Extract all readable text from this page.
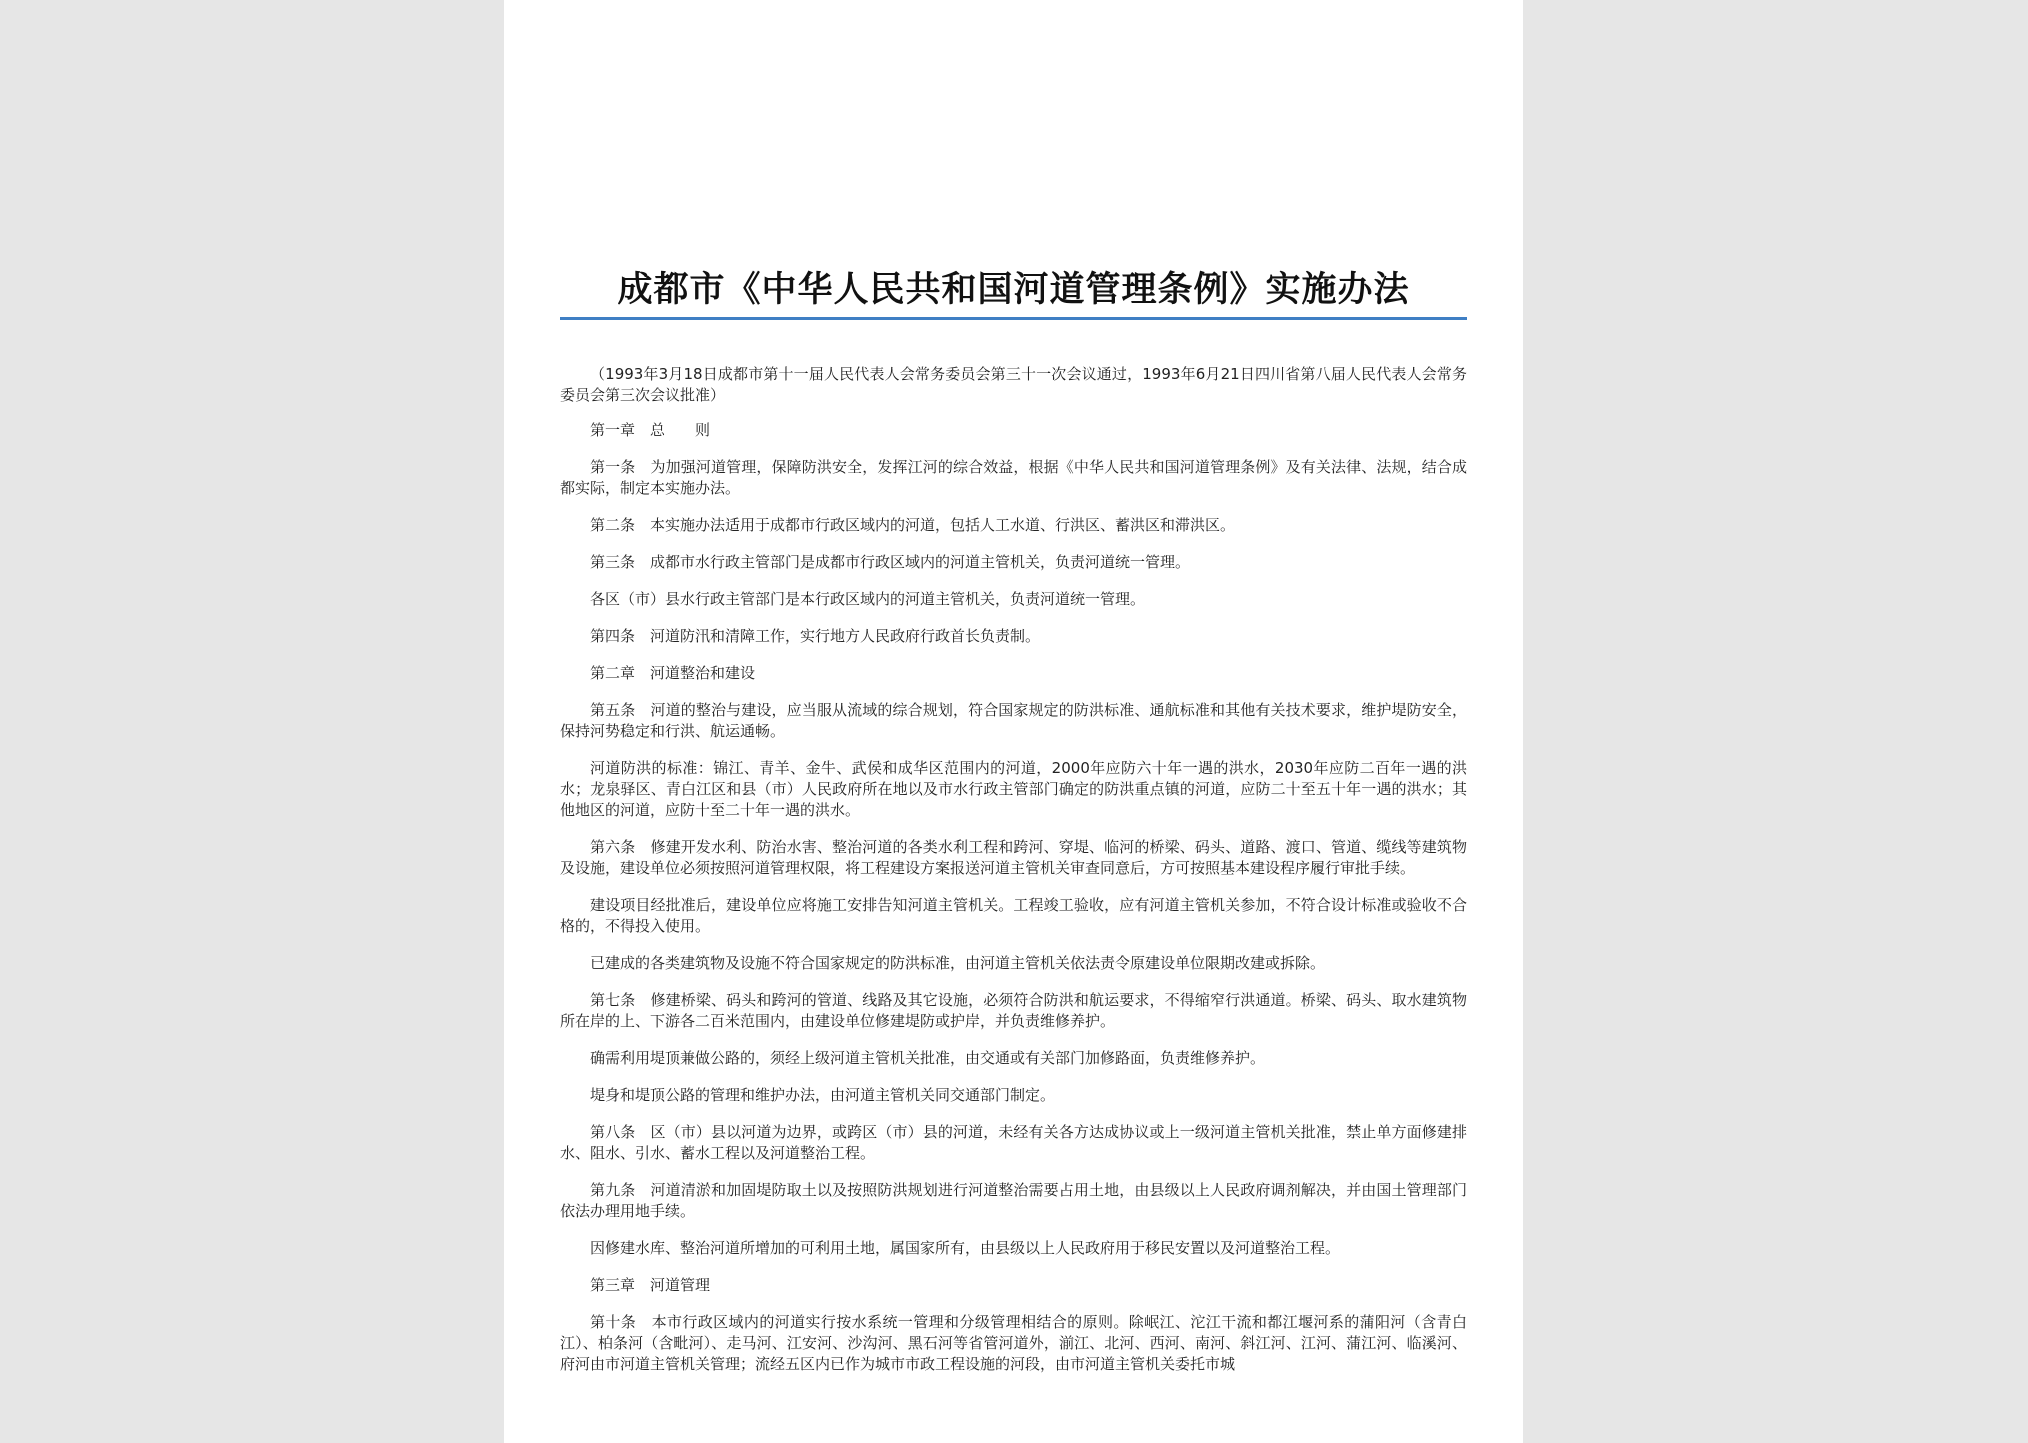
成都市《中华人民共和国河道管理条例》实施办法

（1993年3月18日成都市第十一届人民代表人会常务委员会第三十一次会议通过，1993年6月21日四川省第八届人民代表人会常务委员会第三次会议批准）

第一章　总　　则

第一条　为加强河道管理，保障防洪安全，发挥江河的综合效益，根据《中华人民共和国河道管理条例》及有关法律、法规，结合成都实际，制定本实施办法。

第二条　本实施办法适用于成都市行政区域内的河道，包括人工水道、行洪区、蓄洪区和滞洪区。

第三条　成都市水行政主管部门是成都市行政区域内的河道主管机关，负责河道统一管理。

各区（市）县水行政主管部门是本行政区域内的河道主管机关，负责河道统一管理。

第四条　河道防汛和清障工作，实行地方人民政府行政首长负责制。

第二章　河道整治和建设

第五条　河道的整治与建设，应当服从流域的综合规划，符合国家规定的防洪标准、通航标准和其他有关技术要求，维护堤防安全，保持河势稳定和行洪、航运通畅。

河道防洪的标准：锦江、青羊、金牛、武侯和成华区范围内的河道，2000年应防六十年一遇的洪水，2030年应防二百年一遇的洪水；龙泉驿区、青白江区和县（市）人民政府所在地以及市水行政主管部门确定的防洪重点镇的河道，应防二十至五十年一遇的洪水；其他地区的河道，应防十至二十年一遇的洪水。

第六条　修建开发水利、防治水害、整治河道的各类水利工程和跨河、穿堤、临河的桥梁、码头、道路、渡口、管道、缆线等建筑物及设施，建设单位必须按照河道管理权限，将工程建设方案报送河道主管机关审查同意后，方可按照基本建设程序履行审批手续。

建设项目经批准后，建设单位应将施工安排告知河道主管机关。工程竣工验收，应有河道主管机关参加，不符合设计标准或验收不合格的，不得投入使用。

已建成的各类建筑物及设施不符合国家规定的防洪标准，由河道主管机关依法责令原建设单位限期改建或拆除。

第七条　修建桥梁、码头和跨河的管道、线路及其它设施，必须符合防洪和航运要求，不得缩窄行洪通道。桥梁、码头、取水建筑物所在岸的上、下游各二百米范围内，由建设单位修建堤防或护岸，并负责维修养护。

确需利用堤顶兼做公路的，须经上级河道主管机关批准，由交通或有关部门加修路面，负责维修养护。

堤身和堤顶公路的管理和维护办法，由河道主管机关同交通部门制定。

第八条　区（市）县以河道为边界，或跨区（市）县的河道，未经有关各方达成协议或上一级河道主管机关批准，禁止单方面修建排水、阻水、引水、蓄水工程以及河道整治工程。

第九条　河道清淤和加固堤防取土以及按照防洪规划进行河道整治需要占用土地，由县级以上人民政府调剂解决，并由国土管理部门依法办理用地手续。

因修建水库、整治河道所增加的可利用土地，属国家所有，由县级以上人民政府用于移民安置以及河道整治工程。

第三章　河道管理

第十条　本市行政区域内的河道实行按水系统一管理和分级管理相结合的原则。除岷江、沱江干流和都江堰河系的蒲阳河（含青白江）、柏条河（含毗河）、走马河、江安河、沙沟河、黑石河等省管河道外，湔江、北河、西河、南河、斜江河、江河、蒲江河、临溪河、府河由市河道主管机关管理；流经五区内已作为城市市政工程设施的河段，由市河道主管机关委托市城
